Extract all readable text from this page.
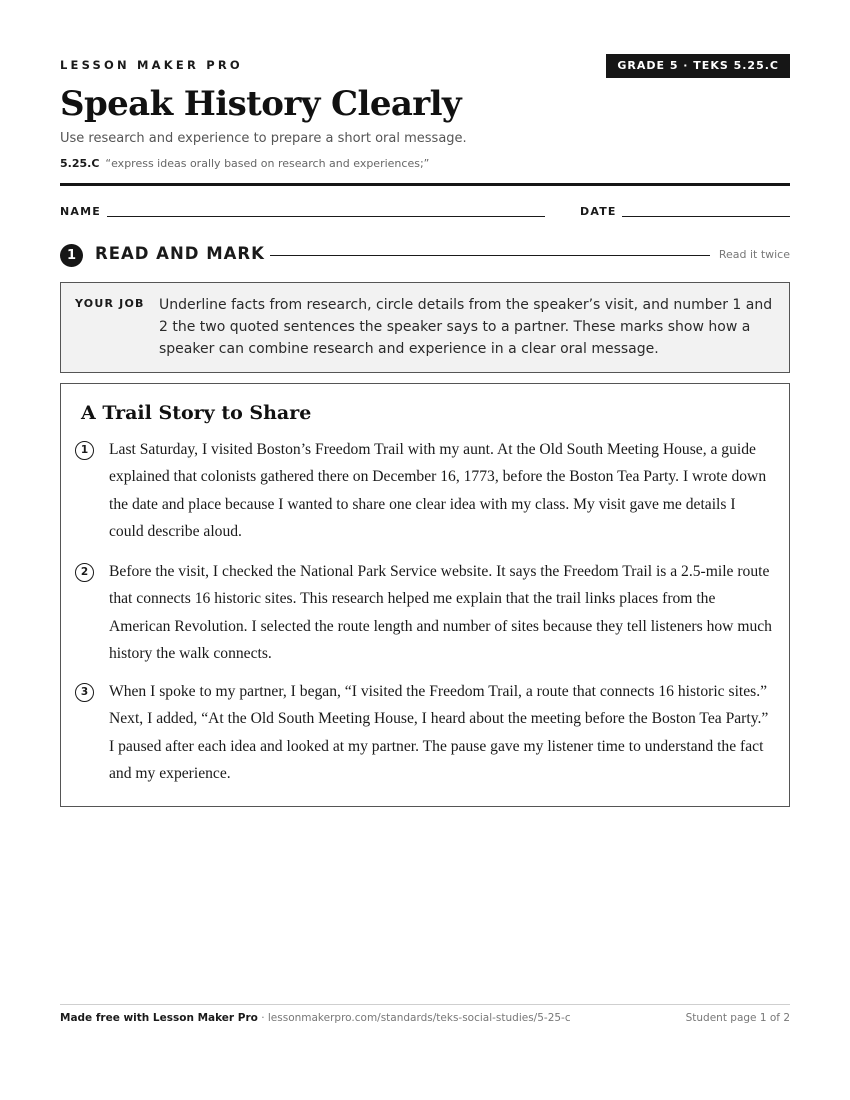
LESSON MAKER PRO	GRADE 5 · TEKS 5.25.C
Speak History Clearly
Use research and experience to prepare a short oral message.
5.25.C “express ideas orally based on research and experiences;”
NAME	DATE
1	READ AND MARK	Read it twice
YOUR JOB Underline facts from research, circle details from the speaker’s visit, and number 1 and 2 the two quoted sentences the speaker says to a partner. These marks show how a speaker can combine research and experience in a clear oral message.
A Trail Story to Share
1	Last Saturday, I visited Boston’s Freedom Trail with my aunt. At the Old South Meeting House, a guide explained that colonists gathered there on December 16, 1773, before the Boston Tea Party. I wrote down the date and place because I wanted to share one clear idea with my class. My visit gave me details I could describe aloud.
2	Before the visit, I checked the National Park Service website. It says the Freedom Trail is a 2.5-mile route that connects 16 historic sites. This research helped me explain that the trail links places from the American Revolution. I selected the route length and number of sites because they tell listeners how much history the walk connects.
3	When I spoke to my partner, I began, “I visited the Freedom Trail, a route that connects 16 historic sites.” Next, I added, “At the Old South Meeting House, I heard about the meeting before the Boston Tea Party.” I paused after each idea and looked at my partner. The pause gave my listener time to understand the fact and my experience.
Made free with Lesson Maker Pro · lessonmakerpro.com/standards/teks-social-studies/5-25-c	Student page 1 of 2
